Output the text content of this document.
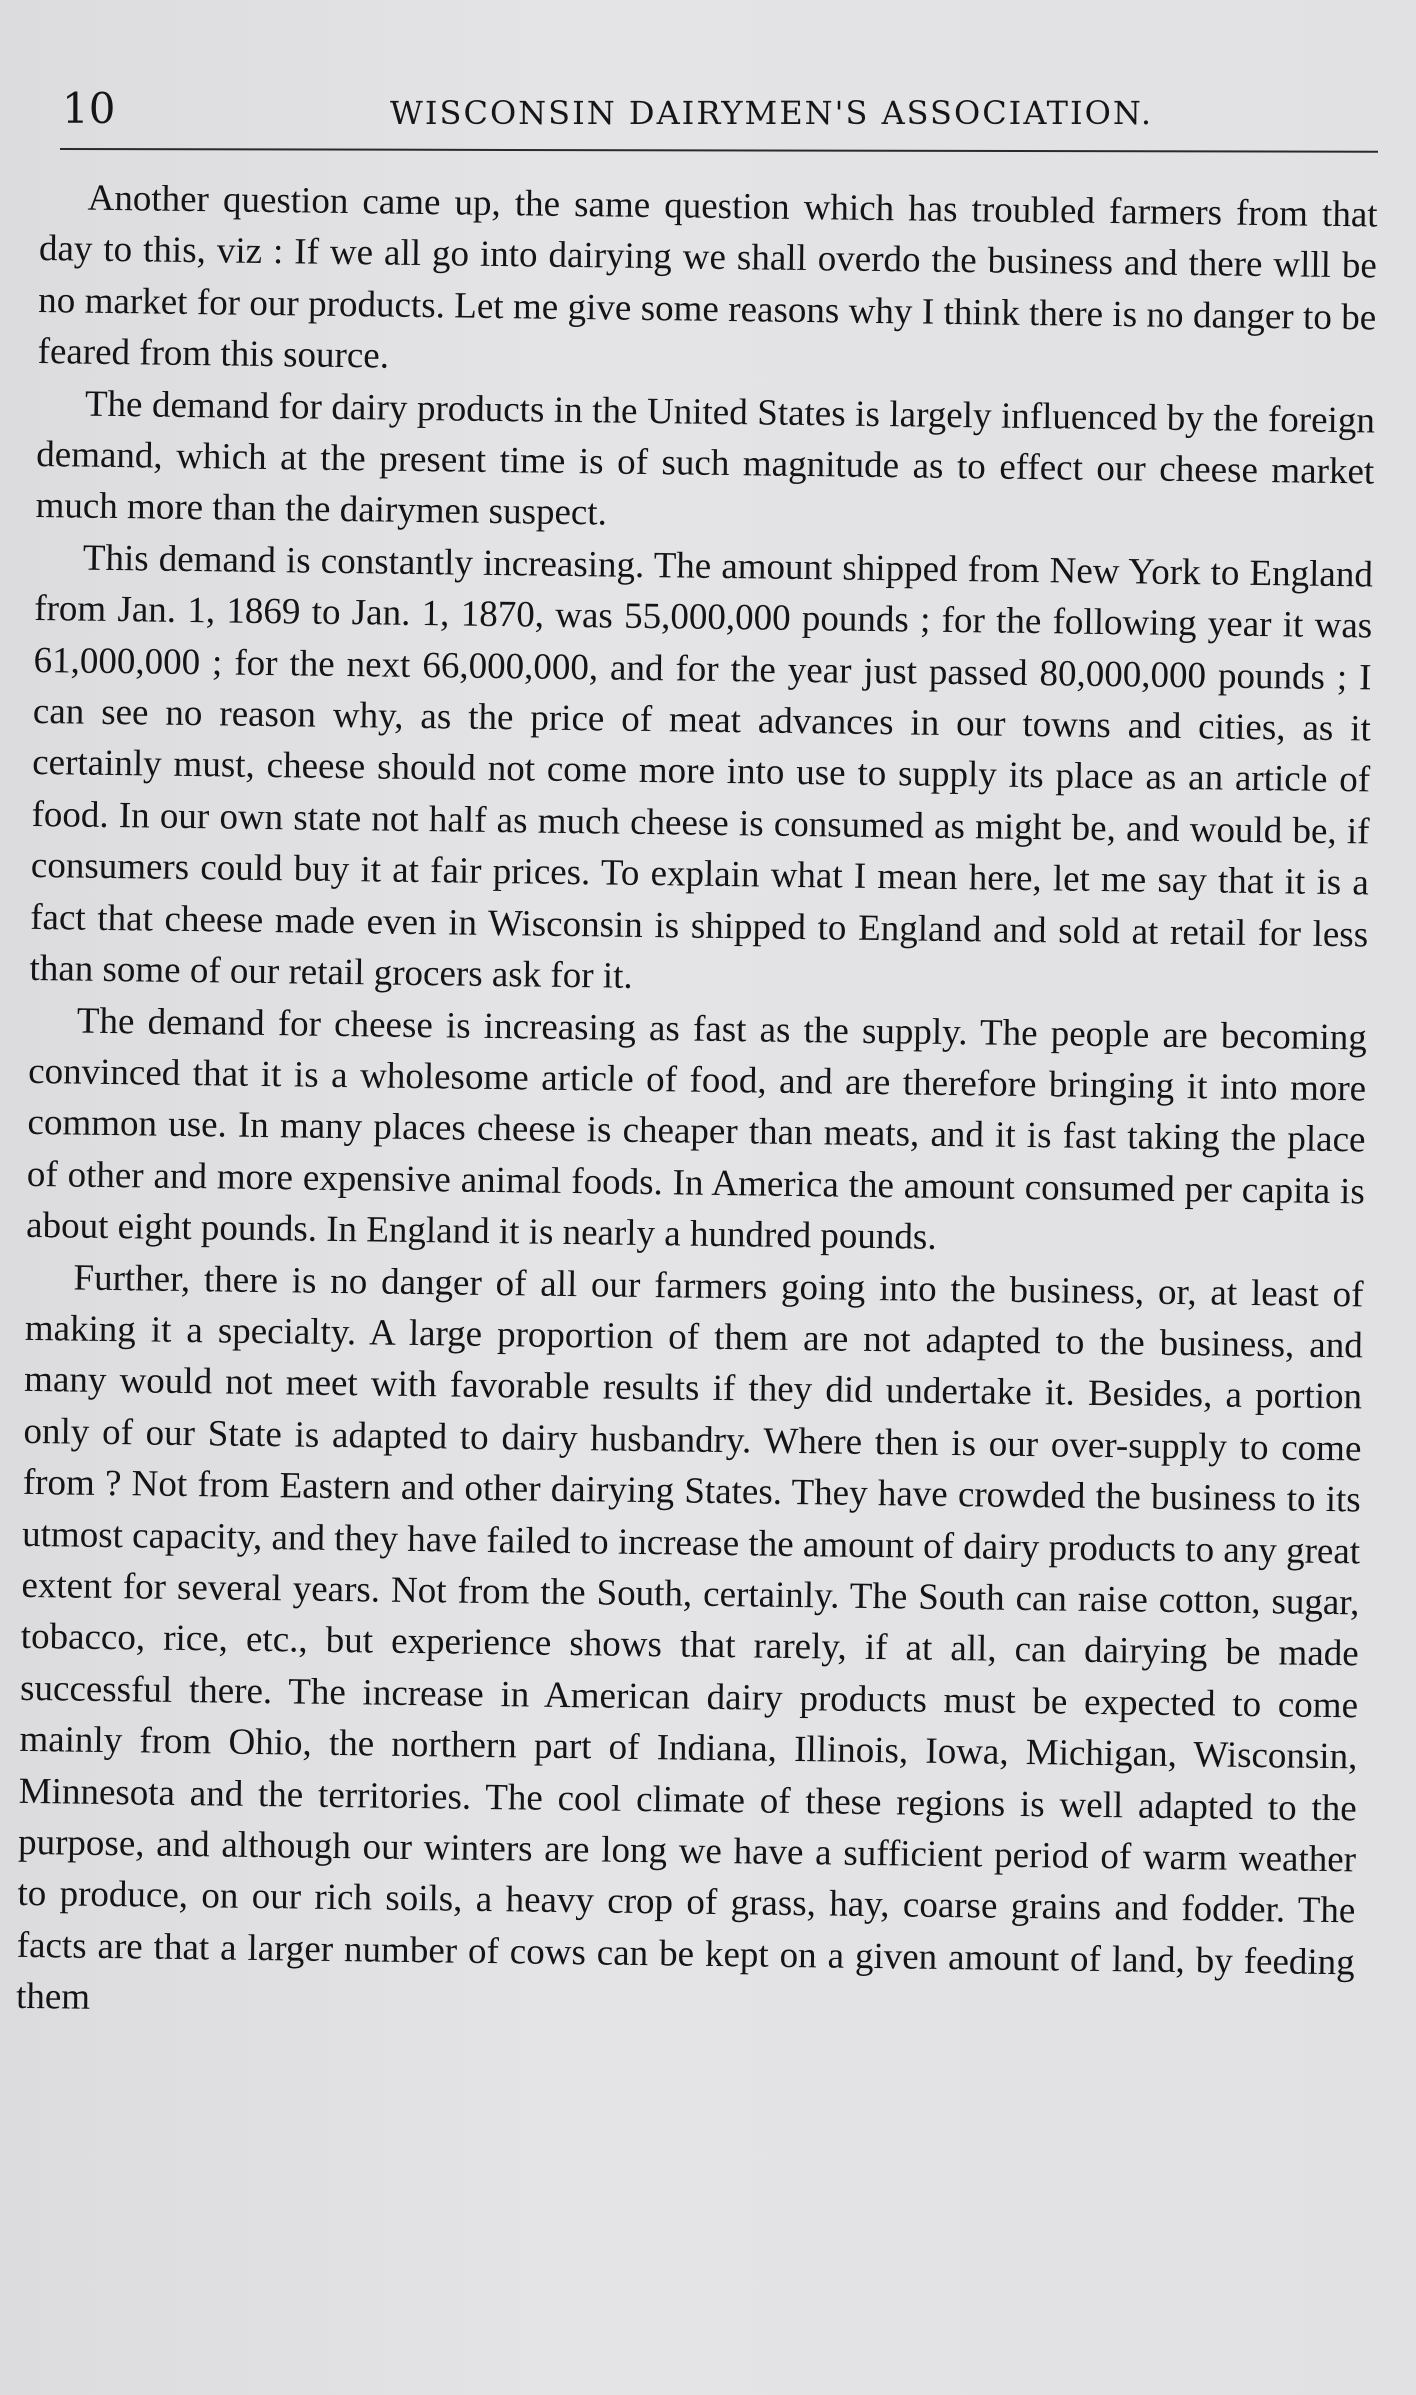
10	WISCONSIN DAIRYMEN'S ASSOCIATION.

Another question came up, the same question which has troubled farmers from that day to this, viz : If we all go into dairying we shall overdo the business and there wlll be no market for our products. Let me give some reasons why I think there is no danger to be feared from this source.

The demand for dairy products in the United States is largely influenced by the foreign demand, which at the present time is of such magnitude as to effect our cheese market much more than the dairymen suspect.

This demand is constantly increasing. The amount shipped from New York to England from Jan. 1, 1869 to Jan. 1, 1870, was 55,000,000 pounds ; for the following year it was 61,000,000 ; for the next 66,000,000, and for the year just passed 80,000,000 pounds ; I can see no reason why, as the price of meat advances in our towns and cities, as it certainly must, cheese should not come more into use to supply its place as an article of food. In our own state not half as much cheese is consumed as might be, and would be, if consumers could buy it at fair prices. To explain what I mean here, let me say that it is a fact that cheese made even in Wisconsin is shipped to England and sold at retail for less than some of our retail grocers ask for it.

The demand for cheese is increasing as fast as the supply. The people are becoming convinced that it is a wholesome article of food, and are therefore bringing it into more common use. In many places cheese is cheaper than meats, and it is fast taking the place of other and more expensive animal foods. In America the amount consumed per capita is about eight pounds. In England it is nearly a hundred pounds.

Further, there is no danger of all our farmers going into the business, or, at least of making it a specialty. A large proportion of them are not adapted to the business, and many would not meet with favorable results if they did undertake it. Besides, a portion only of our State is adapted to dairy husbandry. Where then is our over-supply to come from ? Not from Eastern and other dairying States. They have crowded the business to its utmost capacity, and they have failed to increase the amount of dairy products to any great extent for several years. Not from the South, certainly. The South can raise cotton, sugar, tobacco, rice, etc., but experience shows that rarely, if at all, can dairying be made successful there. The increase in American dairy products must be expected to come mainly from Ohio, the northern part of Indiana, Illinois, Iowa, Michigan, Wisconsin, Minnesota and the territories. The cool climate of these regions is well adapted to the purpose, and although our winters are long we have a sufficient period of warm weather to produce, on our rich soils, a heavy crop of grass, hay, coarse grains and fodder. The facts are that a larger number of cows can be kept on a given amount of land, by feeding them
